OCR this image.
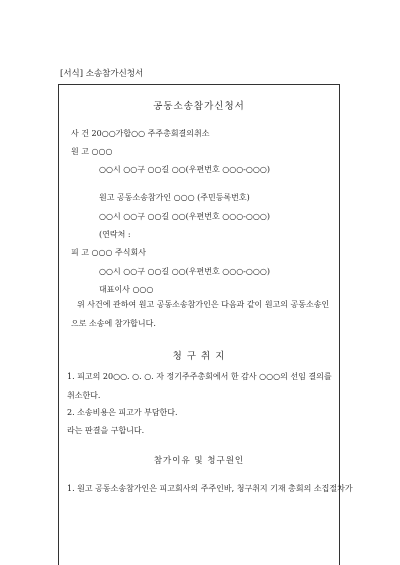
[서식] 소송참가신청서
공동소송참가신청서
사 건 20○○가합○○ 주주총회결의취소
원 고 ○○○
○○시 ○○구 ○○길 ○○(우편번호 ○○○-○○○)
원고 공동소송참가인 ○○○ (주민등록번호)
○○시 ○○구 ○○길 ○○(우편번호 ○○○-○○○)
(연락처 :
피 고 ○○○ 주식회사
○○시 ○○구 ○○길 ○○(우편번호 ○○○-○○○)
대표이사 ○○○
위 사건에 관하여 원고 공동소송참가인은 다음과 같이 원고의 공동소송인으로 소송에 참가합니다.
청 구 취 지
1. 피고의 20○○. ○. ○. 자 정기주주총회에서 한 감사 ○○○의 선임 결의를 취소한다.
2. 소송비용은 피고가 부담한다.
라는 판결을 구합니다.
참가이유 및 청구원인
1. 원고 공동소송참가인은 피고회사의 주주인바, 청구취지 기재 총회의 소집절차가
